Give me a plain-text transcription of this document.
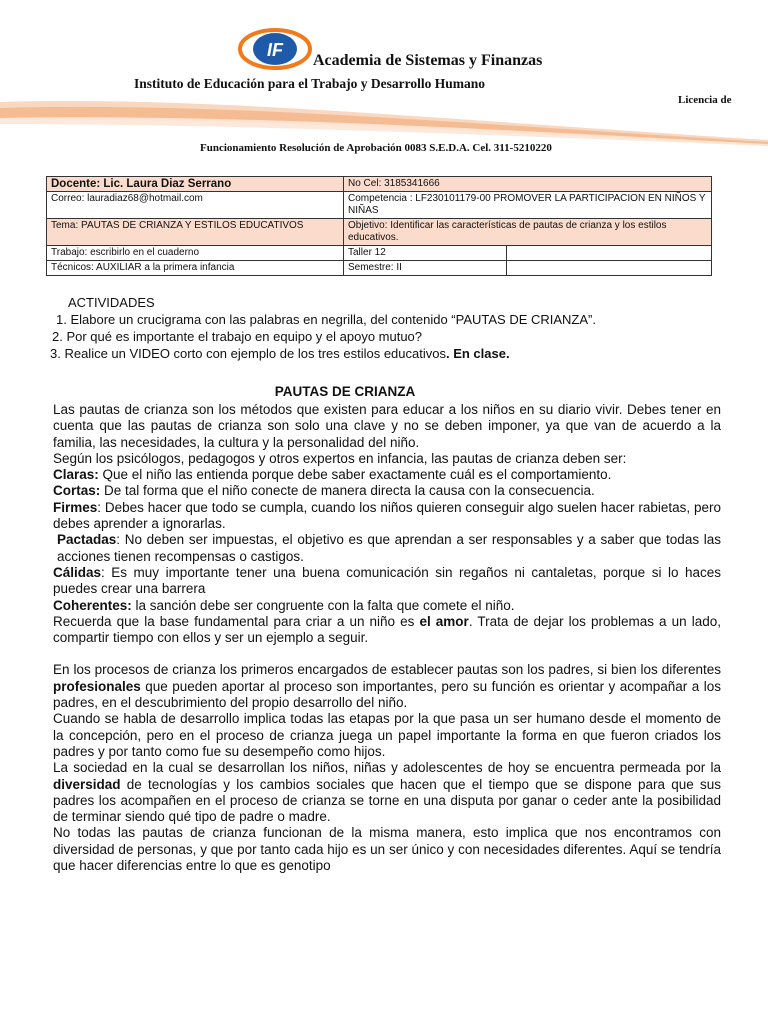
IF
Academia de Sistemas y Finanzas
Instituto de Educación para el Trabajo y Desarrollo Humano
Licencia de
Funcionamiento Resolución de Aprobación 0083 S.E.D.A. Cel. 311-5210220
Docente: Lic. Laura Diaz Serrano	No Cel: 3185341666	
Correo: lauradiaz68@hotmail.com	Competencia : LF230101179-00 PROMOVER LA PARTICIPACION EN NIÑOS Y NIÑAS	
Tema: PAUTAS DE CRIANZA Y ESTILOS EDUCATIVOS	Objetivo: Identificar las características de pautas de crianza y los estilos educativos.	
Trabajo: escribirlo en el cuaderno	Taller 12	
Técnicos: AUXILIAR a la primera infancia	Semestre: II	
ACTIVIDADES
1. Elabore un crucigrama con las palabras en negrilla, del contenido “PAUTAS DE CRIANZA”.
2. Por qué es importante el trabajo en equipo y el apoyo mutuo?
3. Realice un VIDEO corto con ejemplo de los tres estilos educativos. En clase.
PAUTAS DE CRIANZA

Las pautas de crianza son los métodos que existen para educar a los niños en su diario vivir. Debes tener en cuenta que las pautas de crianza son solo una clave y no se deben imponer, ya que van de acuerdo a la familia, las necesidades, la cultura y la personalidad del niño.

Según los psicólogos, pedagogos y otros expertos en infancia, las pautas de crianza deben ser:

Claras: Que el niño las entienda porque debe saber exactamente cuál es el comportamiento.

Cortas: De tal forma que el niño conecte de manera directa la causa con la consecuencia.

Firmes: Debes hacer que todo se cumpla, cuando los niños quieren conseguir algo suelen hacer rabietas, pero debes aprender a ignorarlas.

Pactadas: No deben ser impuestas, el objetivo es que aprendan a ser responsables y a saber que todas las acciones tienen recompensas o castigos.

Cálidas: Es muy importante tener una buena comunicación sin regaños ni cantaletas, porque si lo haces puedes crear una barrera

Coherentes: la sanción debe ser congruente con la falta que comete el niño.

Recuerda que la base fundamental para criar a un niño es el amor. Trata de dejar los problemas a un lado, compartir tiempo con ellos y ser un ejemplo a seguir.

En los procesos de crianza los primeros encargados de establecer pautas son los padres, si bien los diferentes profesionales que pueden aportar al proceso son importantes, pero su función es orientar y acompañar a los padres, en el descubrimiento del propio desarrollo del niño.

Cuando se habla de desarrollo implica todas las etapas por la que pasa un ser humano desde el momento de la concepción, pero en el proceso de crianza juega un papel importante la forma en que fueron criados los padres y por tanto como fue su desempeño como hijos.

La sociedad en la cual se desarrollan los niños, niñas y adolescentes de hoy se encuentra permeada por la diversidad de tecnologías y los cambios sociales que hacen que el tiempo que se dispone para que sus padres los acompañen en el proceso de crianza se torne en una disputa por ganar o ceder ante la posibilidad de terminar siendo qué tipo de padre o madre.

No todas las pautas de crianza funcionan de la misma manera, esto implica que nos encontramos con diversidad de personas, y que por tanto cada hijo es un ser único y con necesidades diferentes. Aquí se tendría que hacer diferencias entre lo que es genotipo
